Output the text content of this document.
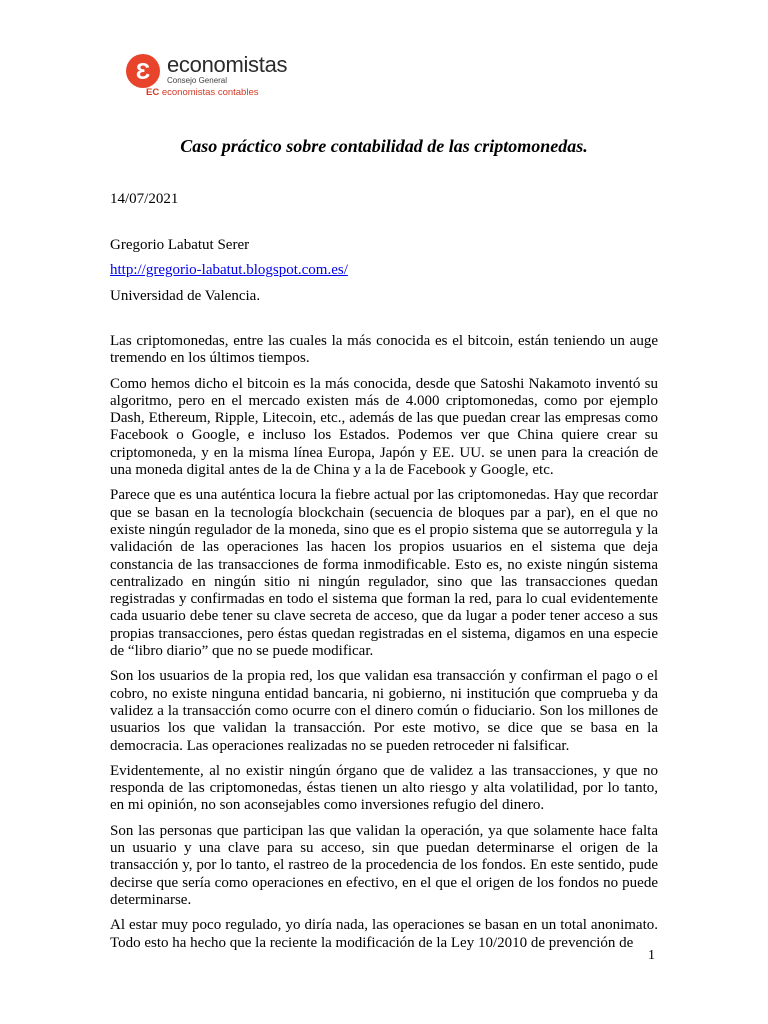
Ɛ economistas
Consejo General
EC economistas contables
Caso práctico sobre contabilidad de las criptomonedas.
14/07/2021
Gregorio Labatut Serer
http://gregorio-labatut.blogspot.com.es/
Universidad de Valencia.

Las criptomonedas, entre las cuales la más conocida es el bitcoin, están teniendo un auge tremendo en los últimos tiempos.

Como hemos dicho el bitcoin es la más conocida, desde que Satoshi Nakamoto inventó su algoritmo, pero en el mercado existen más de 4.000 criptomonedas, como por ejemplo Dash, Ethereum, Ripple, Litecoin, etc., además de las que puedan crear las empresas como Facebook o Google, e incluso los Estados. Podemos ver que China quiere crear su criptomoneda, y en la misma línea Europa, Japón y EE. UU. se unen para la creación de una moneda digital antes de la de China y a la de Facebook y Google, etc.

Parece que es una auténtica locura la fiebre actual por las criptomonedas. Hay que recordar que se basan en la tecnología blockchain (secuencia de bloques par a par), en el que no existe ningún regulador de la moneda, sino que es el propio sistema que se autorregula y la validación de las operaciones las hacen los propios usuarios en el sistema que deja constancia de las transacciones de forma inmodificable. Esto es, no existe ningún sistema centralizado en ningún sitio ni ningún regulador, sino que las transacciones quedan registradas y confirmadas en todo el sistema que forman la red, para lo cual evidentemente cada usuario debe tener su clave secreta de acceso, que da lugar a poder tener acceso a sus propias transacciones, pero éstas quedan registradas en el sistema, digamos en una especie de “libro diario” que no se puede modificar.

Son los usuarios de la propia red, los que validan esa transacción y confirman el pago o el cobro, no existe ninguna entidad bancaria, ni gobierno, ni institución que comprueba y da validez a la transacción como ocurre con el dinero común o fiduciario. Son los millones de usuarios los que validan la transacción. Por este motivo, se dice que se basa en la democracia. Las operaciones realizadas no se pueden retroceder ni falsificar.

Evidentemente, al no existir ningún órgano que de validez a las transacciones, y que no responda de las criptomonedas, éstas tienen un alto riesgo y alta volatilidad, por lo tanto, en mi opinión, no son aconsejables como inversiones refugio del dinero.

Son las personas que participan las que validan la operación, ya que solamente hace falta un usuario y una clave para su acceso, sin que puedan determinarse el origen de la transacción y, por lo tanto, el rastreo de la procedencia de los fondos. En este sentido, pude decirse que sería como operaciones en efectivo, en el que el origen de los fondos no puede determinarse.

Al estar muy poco regulado, yo diría nada, las operaciones se basan en un total anonimato. Todo esto ha hecho que la reciente la modificación de la Ley 10/2010 de prevención de

1
